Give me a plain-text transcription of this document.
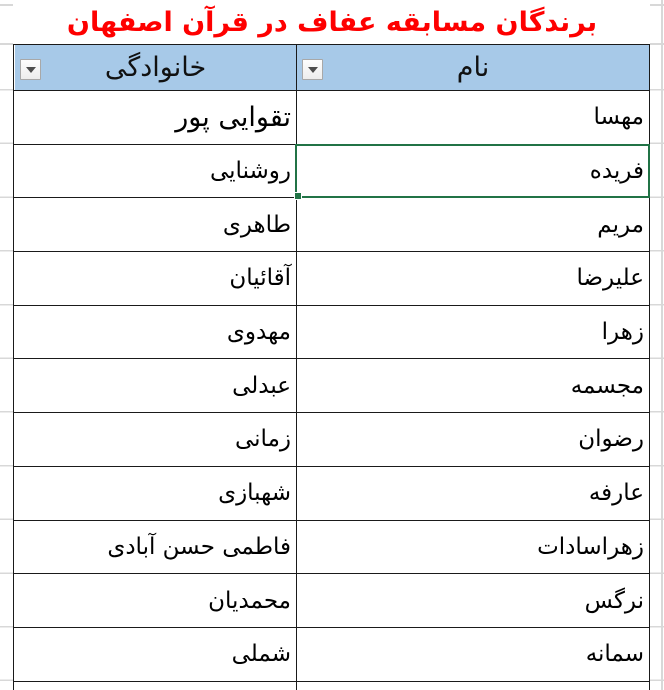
برندگان مسابقه عفاف در قرآن اصفهان
نام
خانوادگی
مهسا
تقوایی پور
فریده
روشنایی
مریم
طاهری
علیرضا
آقائیان
زهرا
مهدوی
مجسمه
عبدلی
رضوان
زمانی
عارفه
شهبازی
زهراسادات
فاطمی حسن آبادی
نرگس
محمدیان
سمانه
شملی
